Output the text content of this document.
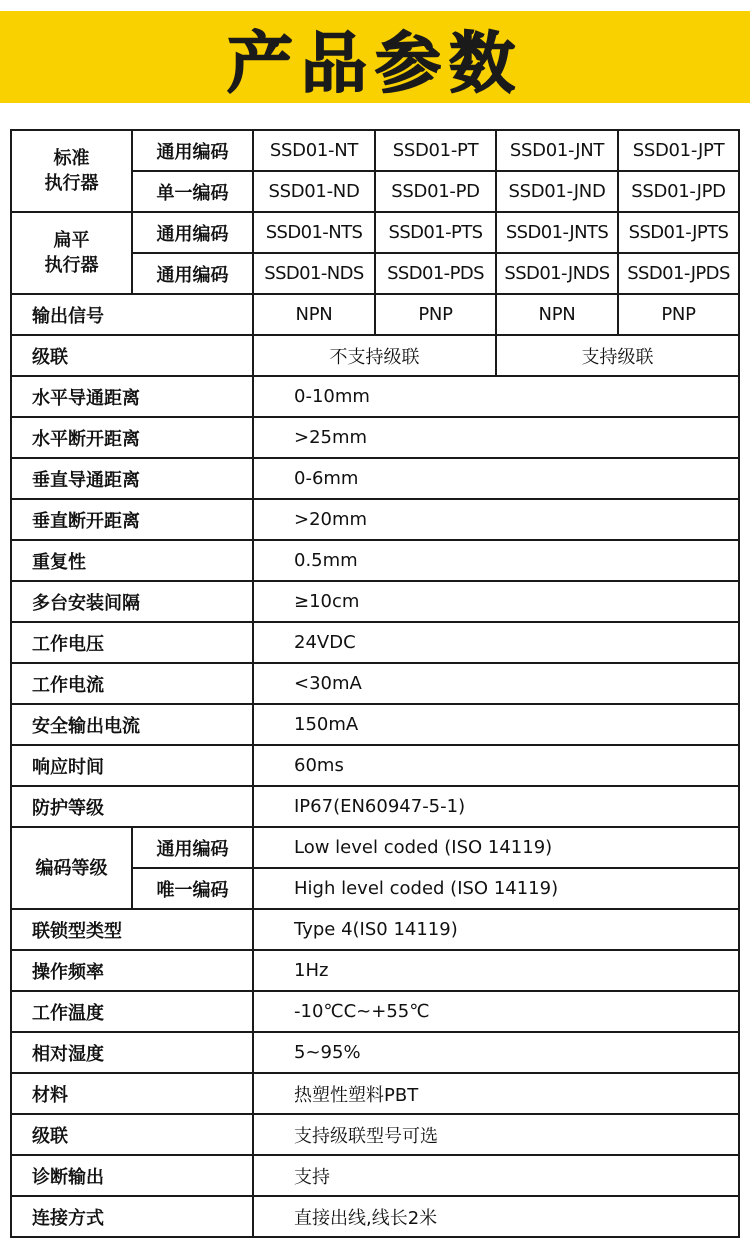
产品参数
标准
执行器	通用编码	SSD01-NT	SSD01-PT	SSD01-JNT	SSD01-JPT
	单一编码	SSD01-ND	SSD01-PD	SSD01-JND	SSD01-JPD
扁平
执行器	通用编码	SSD01-NTS	SSD01-PTS	SSD01-JNTS	SSD01-JPTS
	通用编码	SSD01-NDS	SSD01-PDS	SSD01-JNDS	SSD01-JPDS
输出信号		NPN	PNP	NPN	PNP
级联		不支持级联		支持级联	
水平导通距离		0-10mm			
水平断开距离		>25mm			
垂直导通距离		0-6mm			
垂直断开距离		>20mm			
重复性		0.5mm			
多台安装间隔		≥10cm			
工作电压		24VDC			
工作电流		<30mA			
安全输出电流		150mA			
响应时间		60ms			
防护等级		IP67(EN60947-5-1)			
编码等级	通用编码	Low level coded (ISO 14119)			
	唯一编码	High level coded (ISO 14119)			
联锁型类型		Type 4(IS0 14119)			
操作频率		1Hz			
工作温度		-10℃C~+55℃			
相对湿度		5~95%			
材料		热塑性塑料PBT			
级联		支持级联型号可选			
诊断输出		支持			
连接方式		直接出线,线长2米			
